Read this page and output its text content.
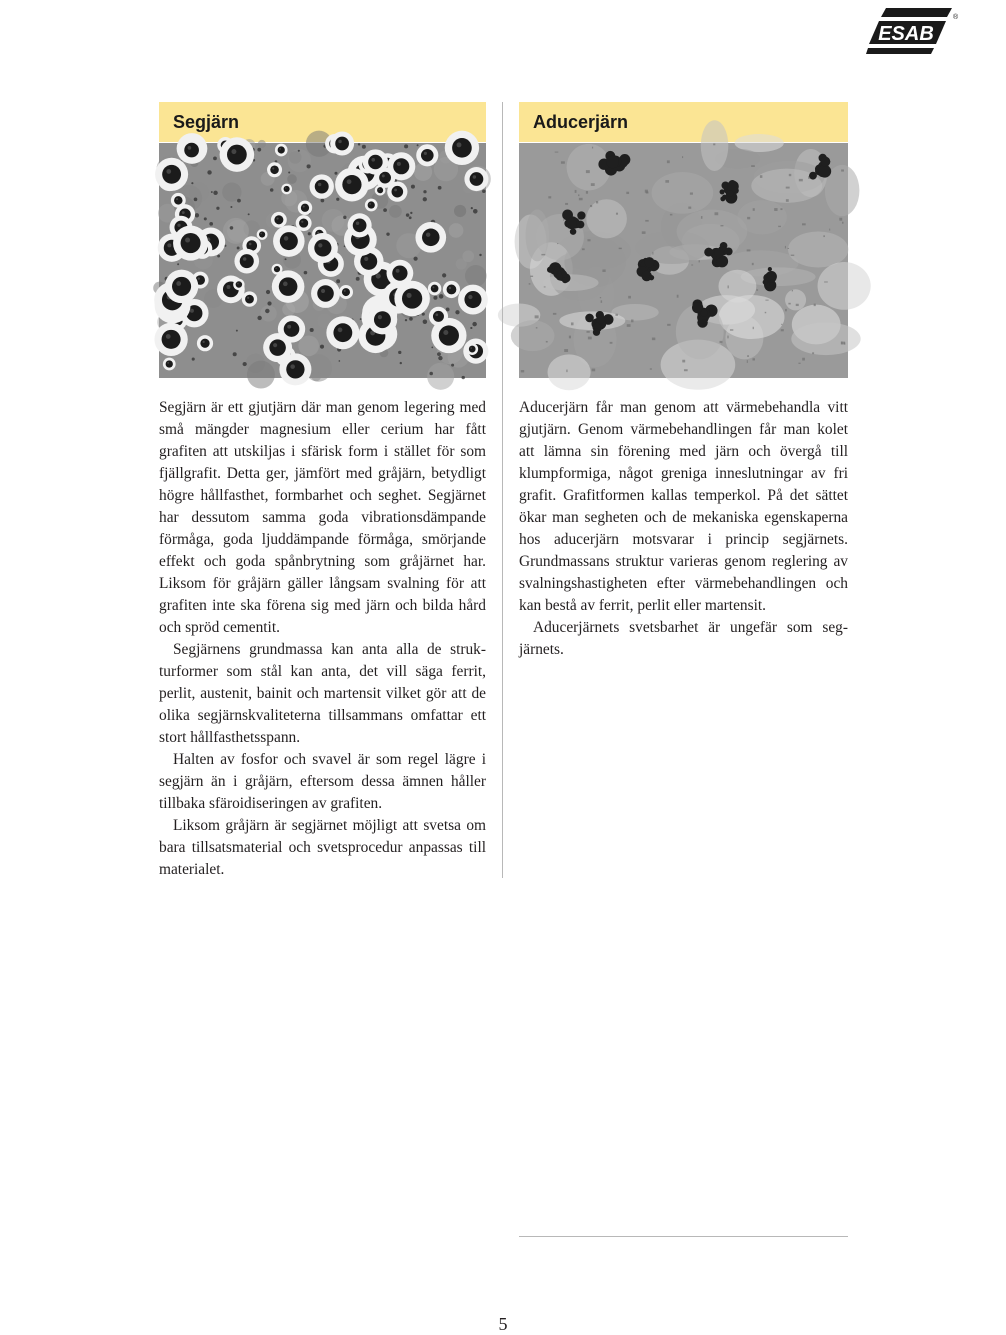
ESAB
®
Segjärn	Aducerjärn

Segjärn är ett gjutjärn där man genom legering med små mängder magnesium eller cerium har fått grafiten att utskiljas i sfärisk form i stället för som fjällgrafit. Detta ger, jämfört med gråjärn, betydligt högre hållfasthet, formbarhet och seghet. Segjärnet har dessutom samma goda vibrationsdämpande förmåga, goda ljuddämpande förmåga, smörjande effekt och goda spånbrytning som gråjärnet har. Liksom för gråjärn gäller långsam svalning för att grafiten inte ska förena sig med järn och bilda hård och spröd cementit.

Segjärnens grundmassa kan anta alla de strukturformer som stål kan anta, det vill säga ferrit, perlit, austenit, bainit och martensit vilket gör att de olika segjärnskvaliteterna tillsammans omfattar ett stort hållfasthetsspann.

Halten av fosfor och svavel är som regel lägre i segjärn än i gråjärn, eftersom dessa ämnen håller tillbaka sfäroidiseringen av grafiten.

Liksom gråjärn är segjärnet möjligt att svetsa om bara tillsatsmaterial och svetsprocedur anpassas till materialet.

Aducerjärn får man genom att värmebehandla vitt gjutjärn. Genom värmebehandlingen får man kolet att lämna sin förening med järn och övergå till klumpformiga, något greniga inneslutningar av fri grafit. Grafitformen kallas temperkol. På det sättet ökar man segheten och de mekaniska egenskaperna hos aducerjärn motsvarar i princip segjärnets. Grundmassans struktur varieras genom reglering av svalningshastigheten efter värmebehandlingen och kan bestå av ferrit, perlit eller martensit.

Aducerjärnets svetsbarhet är ungefär som segjärnets.

5
